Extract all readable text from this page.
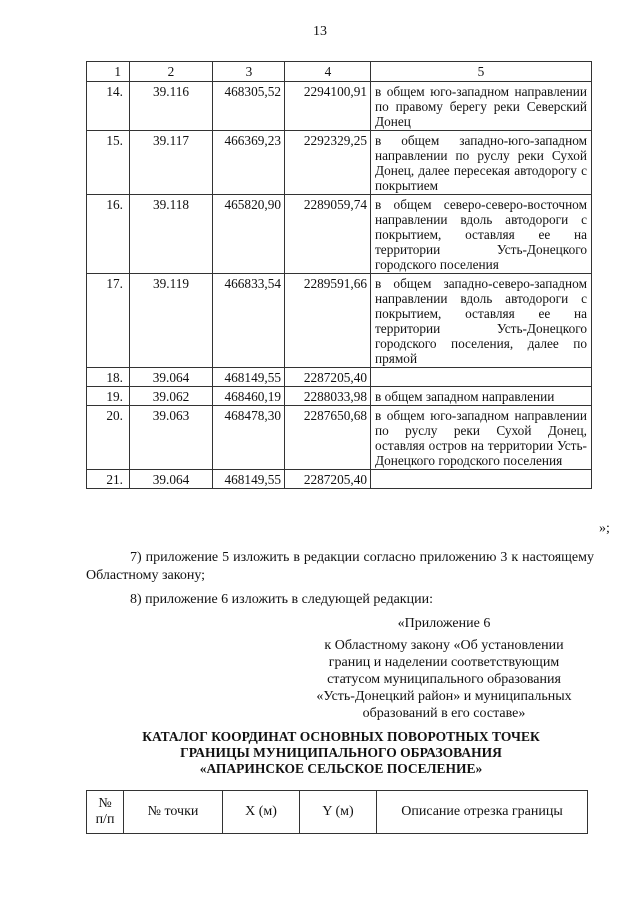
13
1	2	3	4	5
14.	39.116	468305,52	2294100,91	в общем юго-западном направлении по правому берегу реки Северский Донец
15.	39.117	466369,23	2292329,25	в общем западно-юго-западном направлении по руслу реки Сухой Донец, далее пересекая автодорогу с покрытием
16.	39.118	465820,90	2289059,74	в общем северо-северо-восточном направлении вдоль автодороги с покрытием, оставляя ее на территории Усть-Донецкого городского поселения
17.	39.119	466833,54	2289591,66	в общем западно-северо-западном направлении вдоль автодороги с покрытием, оставляя ее на территории Усть-Донецкого городского поселения, далее по прямой
18.	39.064	468149,55	2287205,40	
19.	39.062	468460,19	2288033,98	в общем западном направлении
20.	39.063	468478,30	2287650,68	в общем юго-западном направлении по руслу реки Сухой Донец, оставляя остров на территории Усть-Донецкого городского поселения
21.	39.064	468149,55	2287205,40	
»;
7) приложение 5 изложить в редакции согласно приложению 3 к настоящему Областному закону;
8) приложение 6 изложить в следующей редакции:
«Приложение 6
к Областному закону «Об установлении
границ и наделении соответствующим
статусом муниципального образования
«Усть-Донецкий район» и муниципальных
образований в его составе»
КАТАЛОГ КООРДИНАТ ОСНОВНЫХ ПОВОРОТНЫХ ТОЧЕК
ГРАНИЦЫ МУНИЦИПАЛЬНОГО ОБРАЗОВАНИЯ
«АПАРИНСКОЕ СЕЛЬСКОЕ ПОСЕЛЕНИЕ»
№
п/п
	№ точки	X (м)	Y (м)	Описание отрезка границы
